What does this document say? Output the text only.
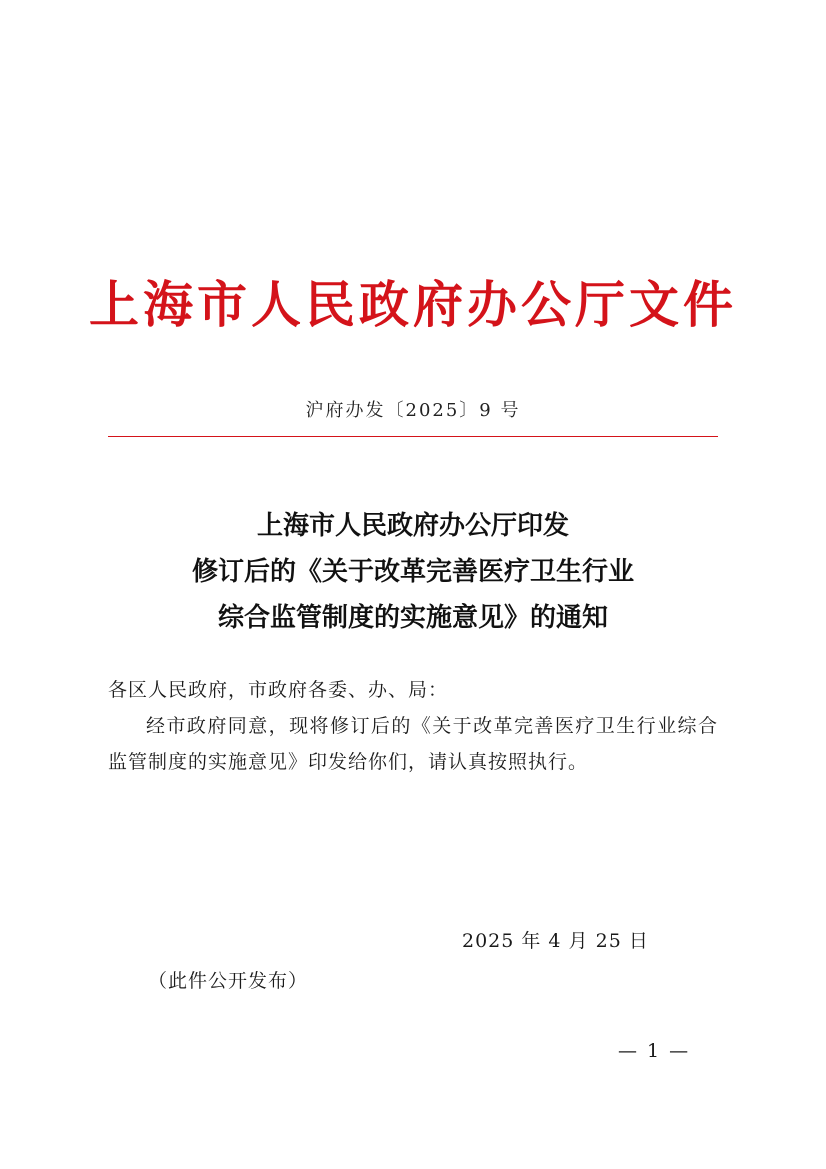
上海市人民政府办公厅文件
沪府办发〔2025〕9 号
上海市人民政府办公厅印发
修订后的《关于改革完善医疗卫生行业
综合监管制度的实施意见》的通知
各区人民政府，市政府各委、办、局：
经市政府同意，现将修订后的《关于改革完善医疗卫生行业综合监管制度的实施意见》印发给你们，请认真按照执行。
2025 年 4 月 25 日
（此件公开发布）
— 1 —
